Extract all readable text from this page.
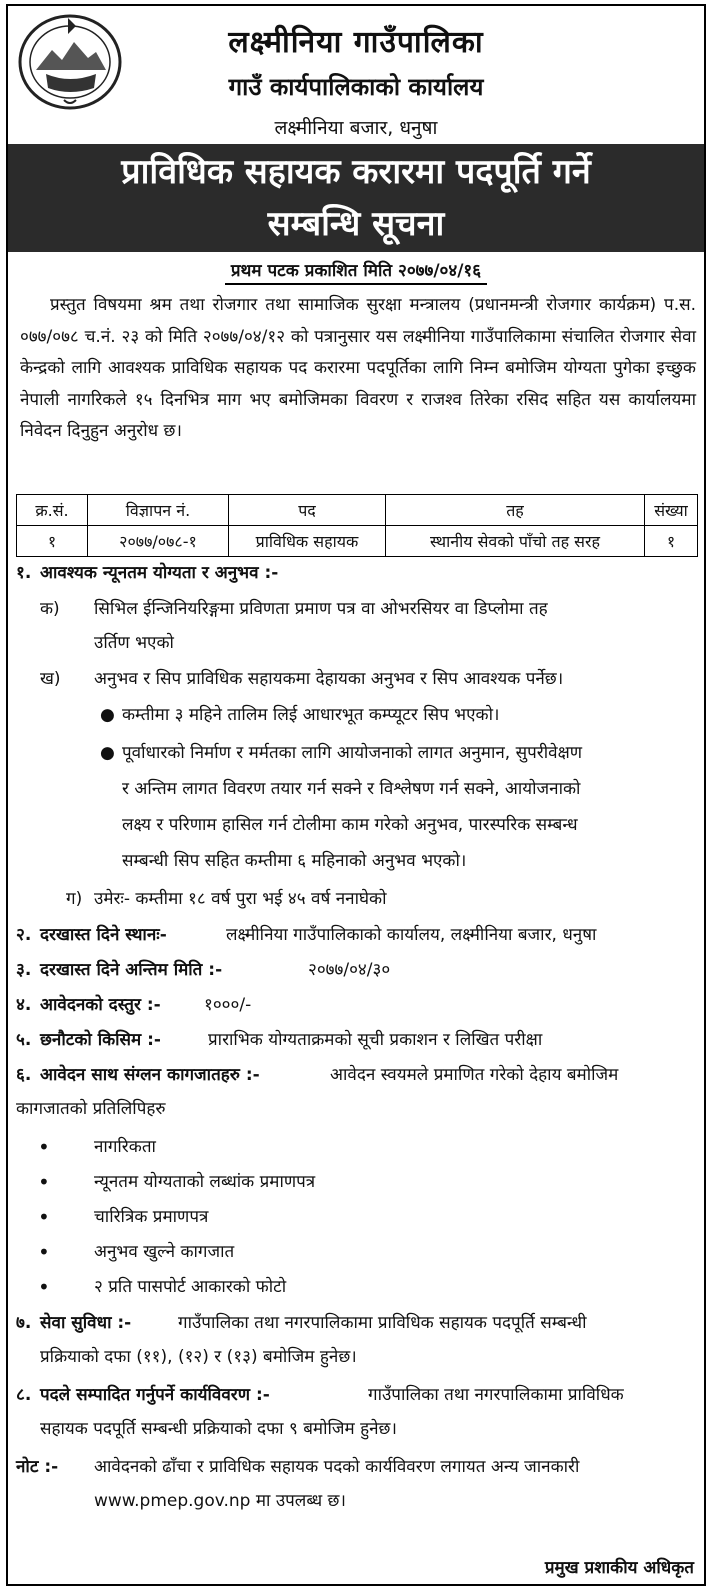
लक्ष्मीनिया गाउँपालिका
गाउँ कार्यपालिकाको कार्यालय
लक्ष्मीनिया बजार, धनुषा
प्राविधिक सहायक करारमा पदपूर्ति गर्ने
सम्बन्धि सूचना
प्रथम पटक प्रकाशित मिति २०७७/०४/१६
प्रस्तुत विषयमा श्रम तथा रोजगार तथा सामाजिक सुरक्षा मन्त्रालय (प्रधानमन्त्री रोजगार कार्यक्रम) प.स. ०७७/०७८ च.नं. २३ को मिति २०७७/०४/१२ को पत्रानुसार यस लक्ष्मीनिया गाउँपालिकामा संचालित रोजगार सेवा केन्द्रको लागि आवश्यक प्राविधिक सहायक पद करारमा पदपूर्तिका लागि निम्न बमोजिम योग्यता पुगेका इच्छुक नेपाली नागरिकले १५ दिनभित्र माग भए बमोजिमका विवरण र राजश्व तिरेका रसिद सहित यस कार्यालयमा निवेदन दिनुहुन अनुरोध छ।
क्र.सं.	विज्ञापन नं.	पद	तह	संख्या
१	२०७७/०७८-१	प्राविधिक सहायक	स्थानीय सेवको पाँचो तह सरह	१
१. आवश्यक न्यूनतम योग्यता र अनुभव :-
क) सिभिल ईन्जिनियरिङ्गमा प्रविणता प्रमाण पत्र वा ओभरसियर वा डिप्लोमा तह
उर्तिण भएको
ख) अनुभव र सिप प्राविधिक सहायकमा देहायका अनुभव र सिप आवश्यक पर्नेछ।
● कम्तीमा ३ महिने तालिम लिई आधारभूत कम्प्यूटर सिप भएको।
● पूर्वाधारको निर्माण र मर्मतका लागि आयोजनाको लागत अनुमान, सुपरीवेक्षण
र अन्तिम लागत विवरण तयार गर्न सक्ने र विश्लेषण गर्न सक्ने, आयोजनाको
लक्ष्य र परिणाम हासिल गर्न टोलीमा काम गरेको अनुभव, पारस्परिक सम्बन्ध
सम्बन्धी सिप सहित कम्तीमा ६ महिनाको अनुभव भएको।
ग) उमेरः- कम्तीमा १८ वर्ष पुरा भई ४५ वर्ष ननाघेको
२. दरखास्त दिने स्थानः-	लक्ष्मीनिया गाउँपालिकाको कार्यालय, लक्ष्मीनिया बजार, धनुषा
३. दरखास्त दिने अन्तिम मिति :-	२०७७/०४/३०
४. आवेदनको दस्तुर :-	१०००/-
५. छनौटको किसिम :-	प्राराभिक योग्यताक्रमको सूची प्रकाशन र लिखित परीक्षा
६. आवेदन साथ संग्लन कागजातहरु :-	आवेदन स्वयमले प्रमाणित गरेको देहाय बमोजिम
कागजातको प्रतिलिपिहरु
•	नागरिकता
•	न्यूनतम योग्यताको लब्धांक प्रमाणपत्र
•	चारित्रिक प्रमाणपत्र
•	अनुभव खुल्ने कागजात
•	२ प्रति पासपोर्ट आकारको फोटो
७. सेवा सुविधा :-	गाउँपालिका तथा नगरपालिकामा प्राविधिक सहायक पदपूर्ति सम्बन्धी
प्रक्रियाको दफा (११), (१२) र (१३) बमोजिम हुनेछ।
८. पदले सम्पादित गर्नुपर्ने कार्यविवरण :-	गाउँपालिका तथा नगरपालिकामा प्राविधिक
सहायक पदपूर्ति सम्बन्धी प्रक्रियाको दफा ९ बमोजिम हुनेछ।
नोट :- आवेदनको ढाँचा र प्राविधिक सहायक पदको कार्यविवरण लगायत अन्य जानकारी
www.pmep.gov.np मा उपलब्ध छ।
प्रमुख प्रशाकीय अधिकृत
